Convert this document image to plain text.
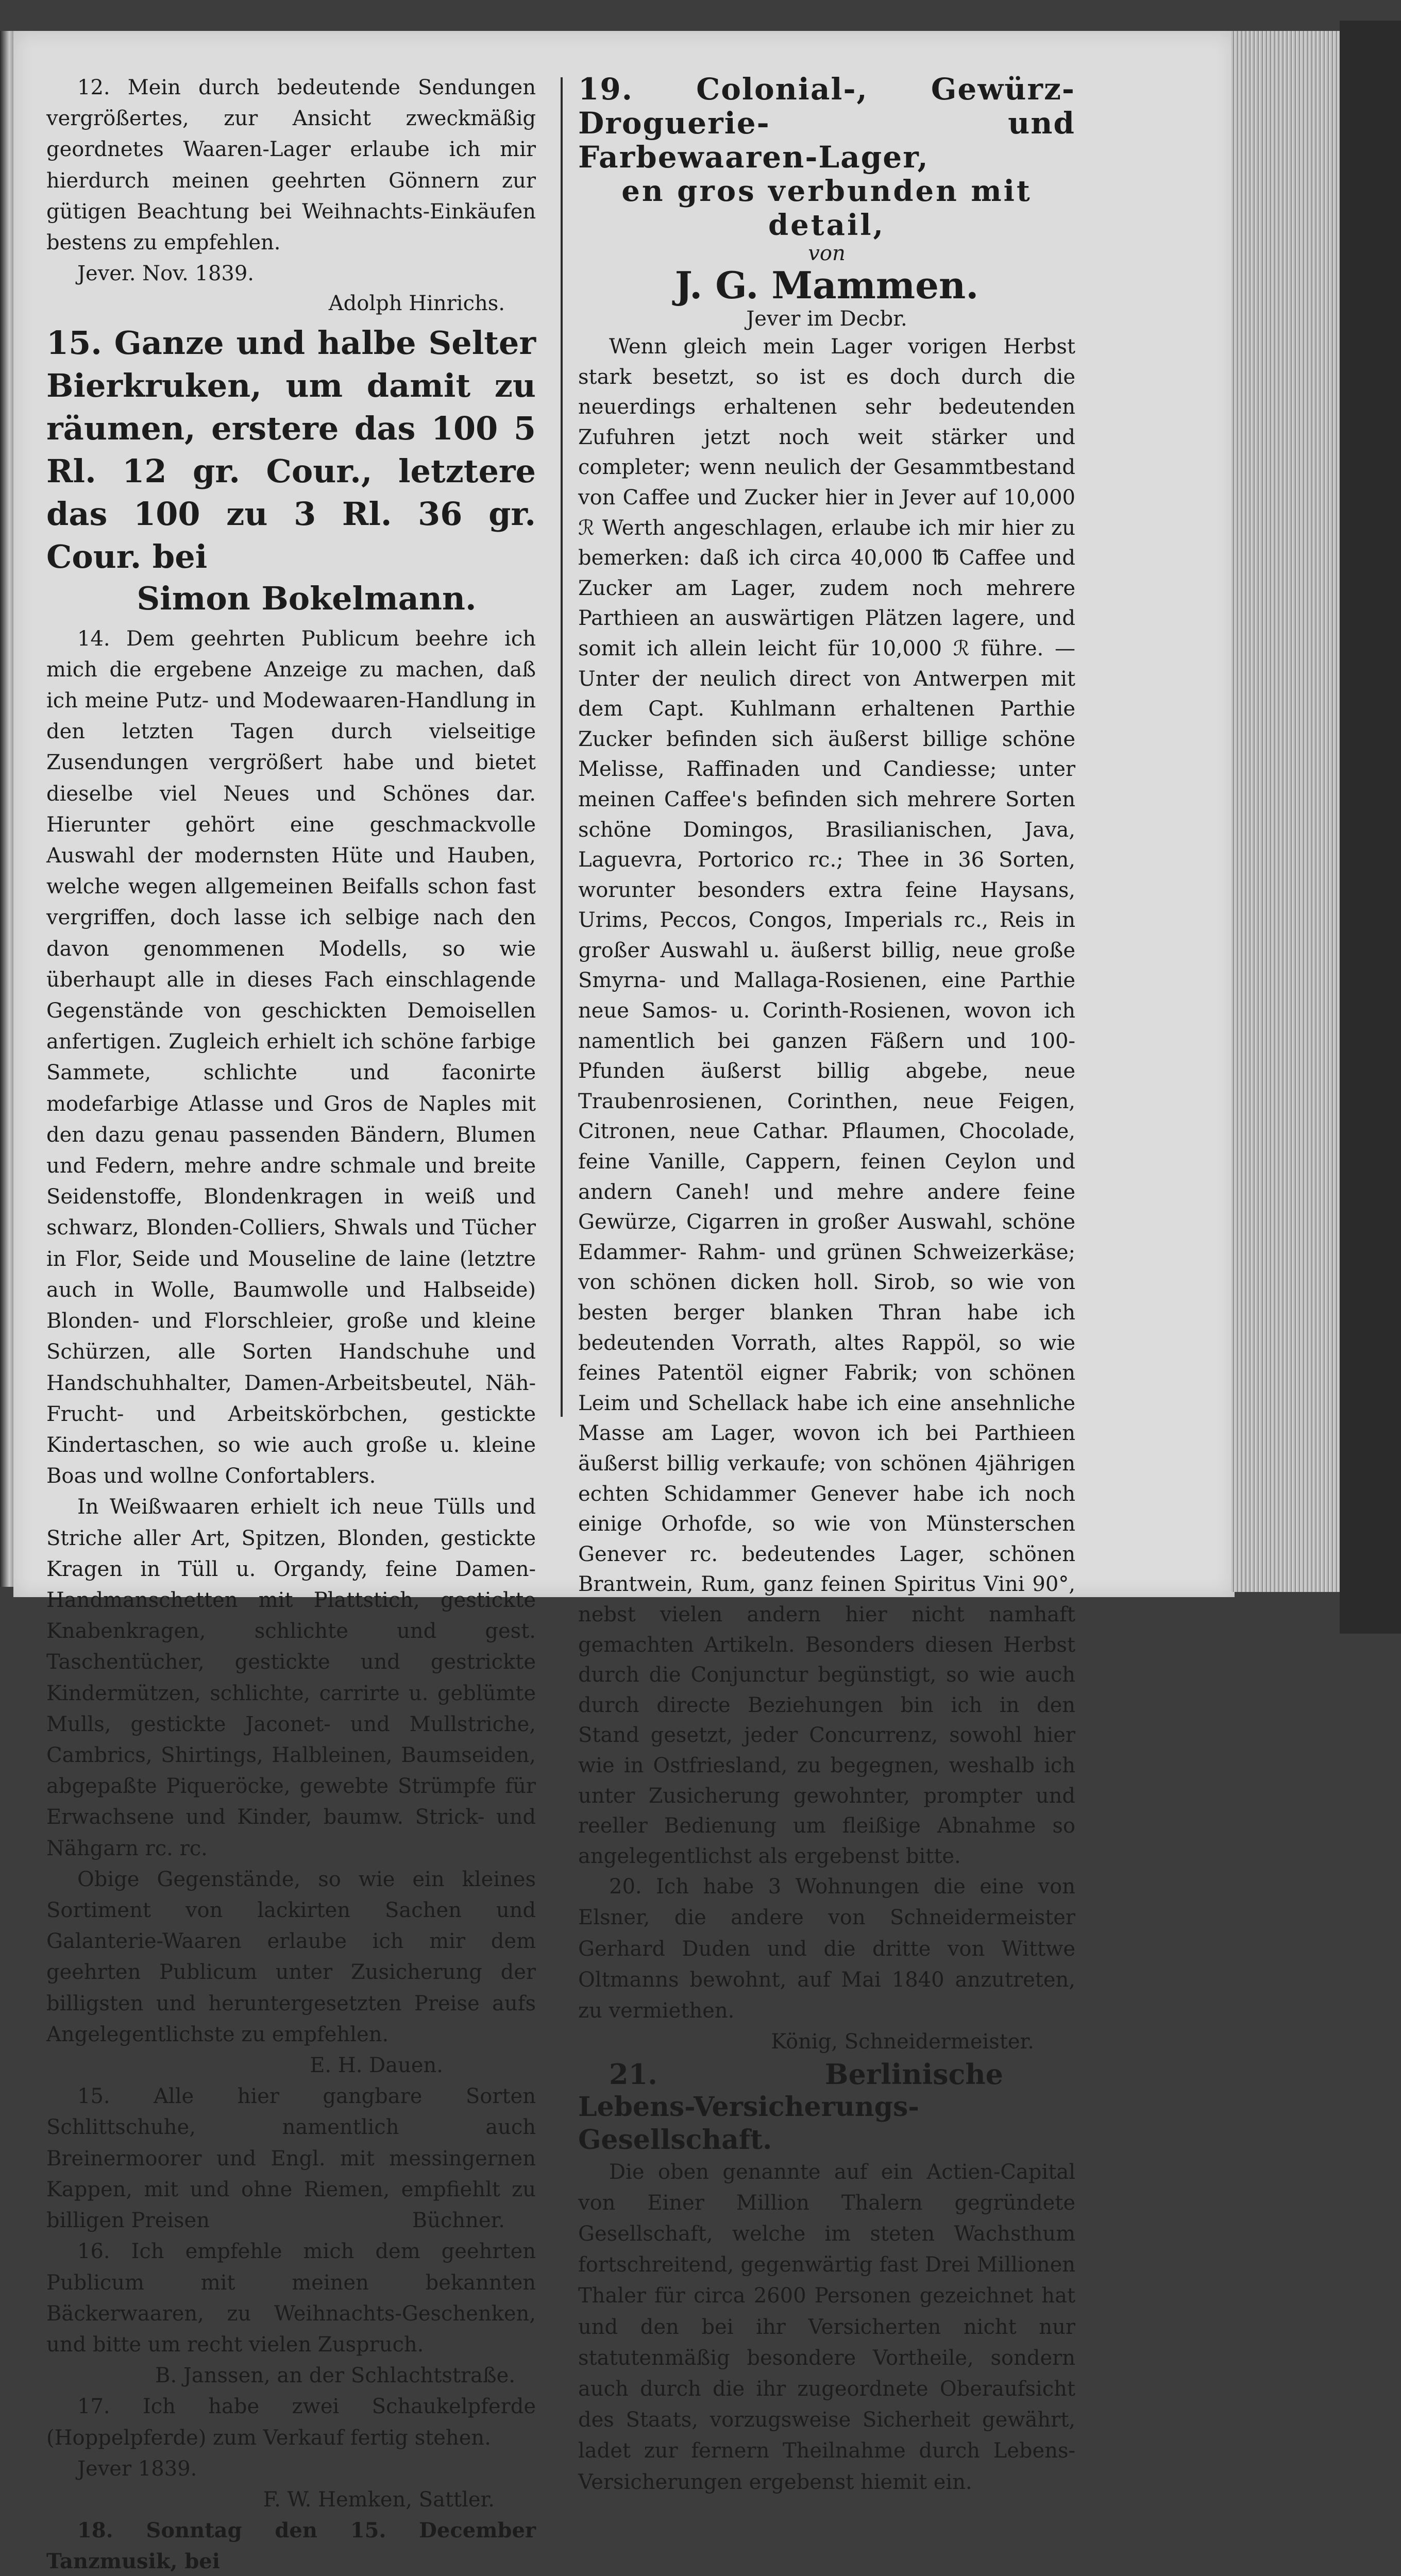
12. Mein durch bedeutende Sendungen vergrößertes, zur Ansicht zweckmäßig geordnetes Waaren-Lager erlaube ich mir hierdurch meinen geehrten Gönnern zur gütigen Beachtung bei Weihnachts-Einkäufen bestens zu empfehlen.

Jever. Nov. 1839.

Adolph Hinrichs.

15. Ganze und halbe Selter Bierkruken, um damit zu räumen, erstere das 100 5 Rl. 12 gr. Cour., letztere das 100 zu 3 Rl. 36 gr. Cour. bei

Simon Bokelmann.

14. Dem geehrten Publicum beehre ich mich die ergebene Anzeige zu machen, daß ich meine Putz- und Modewaaren-Handlung in den letzten Tagen durch vielseitige Zusendungen vergrößert habe und bietet dieselbe viel Neues und Schönes dar. Hierunter gehört eine geschmackvolle Auswahl der modernsten Hüte und Hauben, welche wegen allgemeinen Beifalls schon fast vergriffen, doch lasse ich selbige nach den davon genommenen Modells, so wie überhaupt alle in dieses Fach einschlagende Gegenstände von geschickten Demoisellen anfertigen. Zugleich erhielt ich schöne farbige Sammete, schlichte und faconirte modefarbige Atlasse und Gros de Naples mit den dazu genau passenden Bändern, Blumen und Federn, mehre andre schmale und breite Seidenstoffe, Blondenkragen in weiß und schwarz, Blonden-Colliers, Shwals und Tücher in Flor, Seide und Mouseline de laine (letztre auch in Wolle, Baumwolle und Halbseide) Blonden- und Florschleier, große und kleine Schürzen, alle Sorten Handschuhe und Handschuhhalter, Damen-Arbeitsbeutel, Näh- Frucht- und Arbeitskörbchen, gestickte Kindertaschen, so wie auch große u. kleine Boas und wollne Confortablers.

In Weißwaaren erhielt ich neue Tülls und Striche aller Art, Spitzen, Blonden, gestickte Kragen in Tüll u. Organdy, feine Damen-Handmanschetten mit Plattstich, gestickte Knabenkragen, schlichte und gest. Taschentücher, gestickte und gestrickte Kindermützen, schlichte, carrirte u. geblümte Mulls, gestickte Jaconet- und Mullstriche, Cambrics, Shirtings, Halbleinen, Baumseiden, abgepaßte Piqueröcke, gewebte Strümpfe für Erwachsene und Kinder, baumw. Strick- und Nähgarn rc. rc.

Obige Gegenstände, so wie ein kleines Sortiment von lackirten Sachen und Galanterie-Waaren erlaube ich mir dem geehrten Publicum unter Zusicherung der billigsten und heruntergesetzten Preise aufs Angelegentlichste zu empfehlen.

E. H. Dauen.

15. Alle hier gangbare Sorten Schlittschuhe, namentlich auch Breinermoorer und Engl. mit messingernen Kappen, mit und ohne Riemen, empfiehlt zu billigen Preisen	Büchner.

16. Ich empfehle mich dem geehrten Publicum mit meinen bekannten Bäckerwaaren, zu Weihnachts-Geschenken, und bitte um recht vielen Zuspruch.

B. Janssen, an der Schlachtstraße.

17. Ich habe zwei Schaukelpferde (Hoppelpferde) zum Verkauf fertig stehen.

Jever 1839.

F. W. Hemken, Sattler.

18. Sonntag den 15. December Tanzmusik, bei

19. Colonial-, Gewürz- Droguerie- und Farbewaaren-Lager,

en gros verbunden mit detail,

von

J. G. Mammen.

Jever im Decbr.

Wenn gleich mein Lager vorigen Herbst stark besetzt, so ist es doch durch die neuerdings erhaltenen sehr bedeutenden Zufuhren jetzt noch weit stärker und completer; wenn neulich der Gesammtbestand von Caffee und Zucker hier in Jever auf 10,000 ℛ Werth angeschlagen, erlaube ich mir hier zu bemerken: daß ich circa 40,000 ℔ Caffee und Zucker am Lager, zudem noch mehrere Parthieen an auswärtigen Plätzen lagere, und somit ich allein leicht für 10,000 ℛ führe. — Unter der neulich direct von Antwerpen mit dem Capt. Kuhlmann erhaltenen Parthie Zucker befinden sich äußerst billige schöne Melisse, Raffinaden und Candiesse; unter meinen Caffee's befinden sich mehrere Sorten schöne Domingos, Brasilianischen, Java, Laguevra, Portorico rc.; Thee in 36 Sorten, worunter besonders extra feine Haysans, Urims, Peccos, Congos, Imperials rc., Reis in großer Auswahl u. äußerst billig, neue große Smyrna- und Mallaga-Rosienen, eine Parthie neue Samos- u. Corinth-Rosienen, wovon ich namentlich bei ganzen Fäßern und 100-Pfunden äußerst billig abgebe, neue Traubenrosienen, Corinthen, neue Feigen, Citronen, neue Cathar. Pflaumen, Chocolade, feine Vanille, Cappern, feinen Ceylon und andern Caneh! und mehre andere feine Gewürze, Cigarren in großer Auswahl, schöne Edammer- Rahm- und grünen Schweizerkäse; von schönen dicken holl. Sirob, so wie von besten berger blanken Thran habe ich bedeutenden Vorrath, altes Rappöl, so wie feines Patentöl eigner Fabrik; von schönen Leim und Schellack habe ich eine ansehnliche Masse am Lager, wovon ich bei Parthieen äußerst billig verkaufe; von schönen 4jährigen echten Schidammer Genever habe ich noch einige Orhofde, so wie von Münsterschen Genever rc. bedeutendes Lager, schönen Brantwein, Rum, ganz feinen Spiritus Vini 90°, nebst vielen andern hier nicht namhaft gemachten Artikeln. Besonders diesen Herbst durch die Conjunctur begünstigt, so wie auch durch directe Beziehungen bin ich in den Stand gesetzt, jeder Concurrenz, sowohl hier wie in Ostfriesland, zu begegnen, weshalb ich unter Zusicherung gewohnter, prompter und reeller Bedienung um fleißige Abnahme so angelegentlichst als ergebenst bitte.

20. Ich habe 3 Wohnungen die eine von Elsner, die andere von Schneidermeister Gerhard Duden und die dritte von Wittwe Oltmanns bewohnt, auf Mai 1840 anzutreten, zu vermiethen.

König, Schneidermeister.

21.	Berlinische

Lebens-Versicherungs-Gesellschaft.

Die oben genannte auf ein Actien-Capital von Einer Million Thalern gegründete Gesellschaft, welche im steten Wachsthum fortschreitend, gegenwärtig fast Drei Millionen Thaler für circa 2600 Personen gezeichnet hat und den bei ihr Versicherten nicht nur statutenmäßig besondere Vortheile, sondern auch durch die ihr zugeordnete Oberaufsicht des Staats, vorzugsweise Sicherheit gewährt, ladet zur fernern Theilnahme durch Lebens-Versicherungen ergebenst hiemit ein.
